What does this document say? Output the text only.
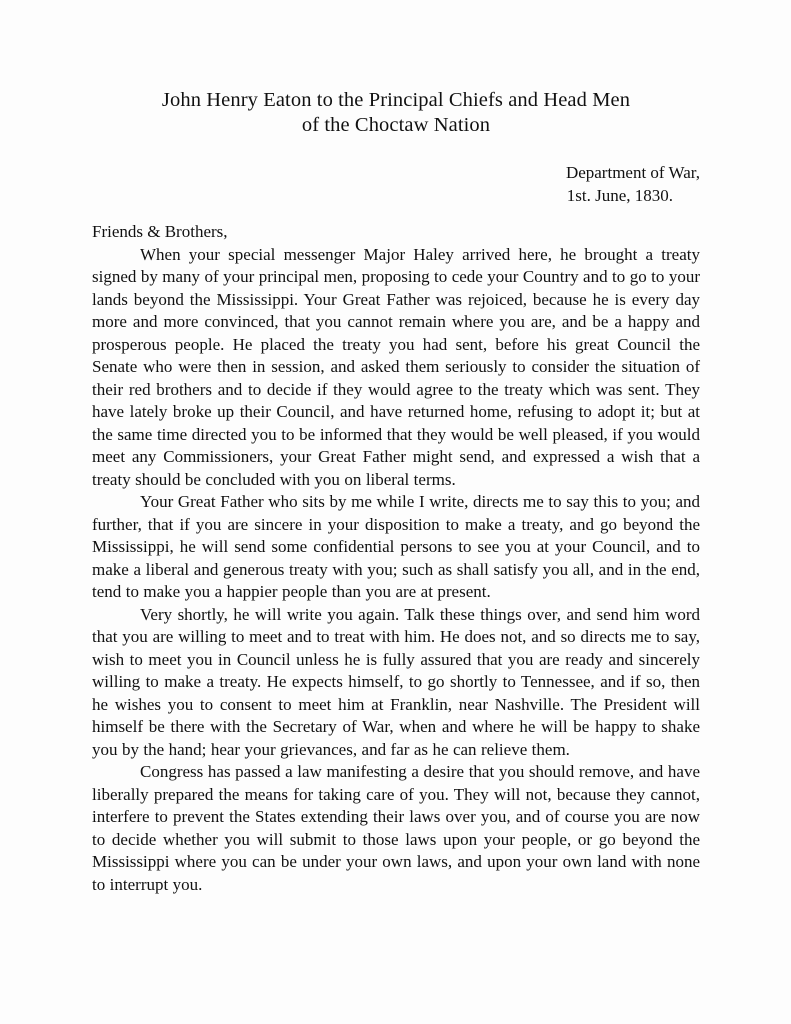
John Henry Eaton to the Principal Chiefs and Head Men
of the Choctaw Nation
Department of War,
1st. June, 1830.
Friends & Brothers,

When your special messenger Major Haley arrived here, he brought a treaty signed by many of your principal men, proposing to cede your Country and to go to your lands beyond the Mississippi. Your Great Father was rejoiced, because he is every day more and more convinced, that you cannot remain where you are, and be a happy and prosperous people. He placed the treaty you had sent, before his great Council the Senate who were then in session, and asked them seriously to consider the situation of their red brothers and to decide if they would agree to the treaty which was sent. They have lately broke up their Council, and have returned home, refusing to adopt it; but at the same time directed you to be informed that they would be well pleased, if you would meet any Commissioners, your Great Father might send, and expressed a wish that a treaty should be concluded with you on liberal terms.

Your Great Father who sits by me while I write, directs me to say this to you; and further, that if you are sincere in your disposition to make a treaty, and go beyond the Mississippi, he will send some confidential persons to see you at your Council, and to make a liberal and generous treaty with you; such as shall satisfy you all, and in the end, tend to make you a happier people than you are at present.

Very shortly, he will write you again. Talk these things over, and send him word that you are willing to meet and to treat with him. He does not, and so directs me to say, wish to meet you in Council unless he is fully assured that you are ready and sincerely willing to make a treaty. He expects himself, to go shortly to Tennessee, and if so, then he wishes you to consent to meet him at Franklin, near Nashville. The President will himself be there with the Secretary of War, when and where he will be happy to shake you by the hand; hear your grievances, and far as he can relieve them.

Congress has passed a law manifesting a desire that you should remove, and have liberally prepared the means for taking care of you. They will not, because they cannot, interfere to prevent the States extending their laws over you, and of course you are now to decide whether you will submit to those laws upon your people, or go beyond the Mississippi where you can be under your own laws, and upon your own land with none to interrupt you.
